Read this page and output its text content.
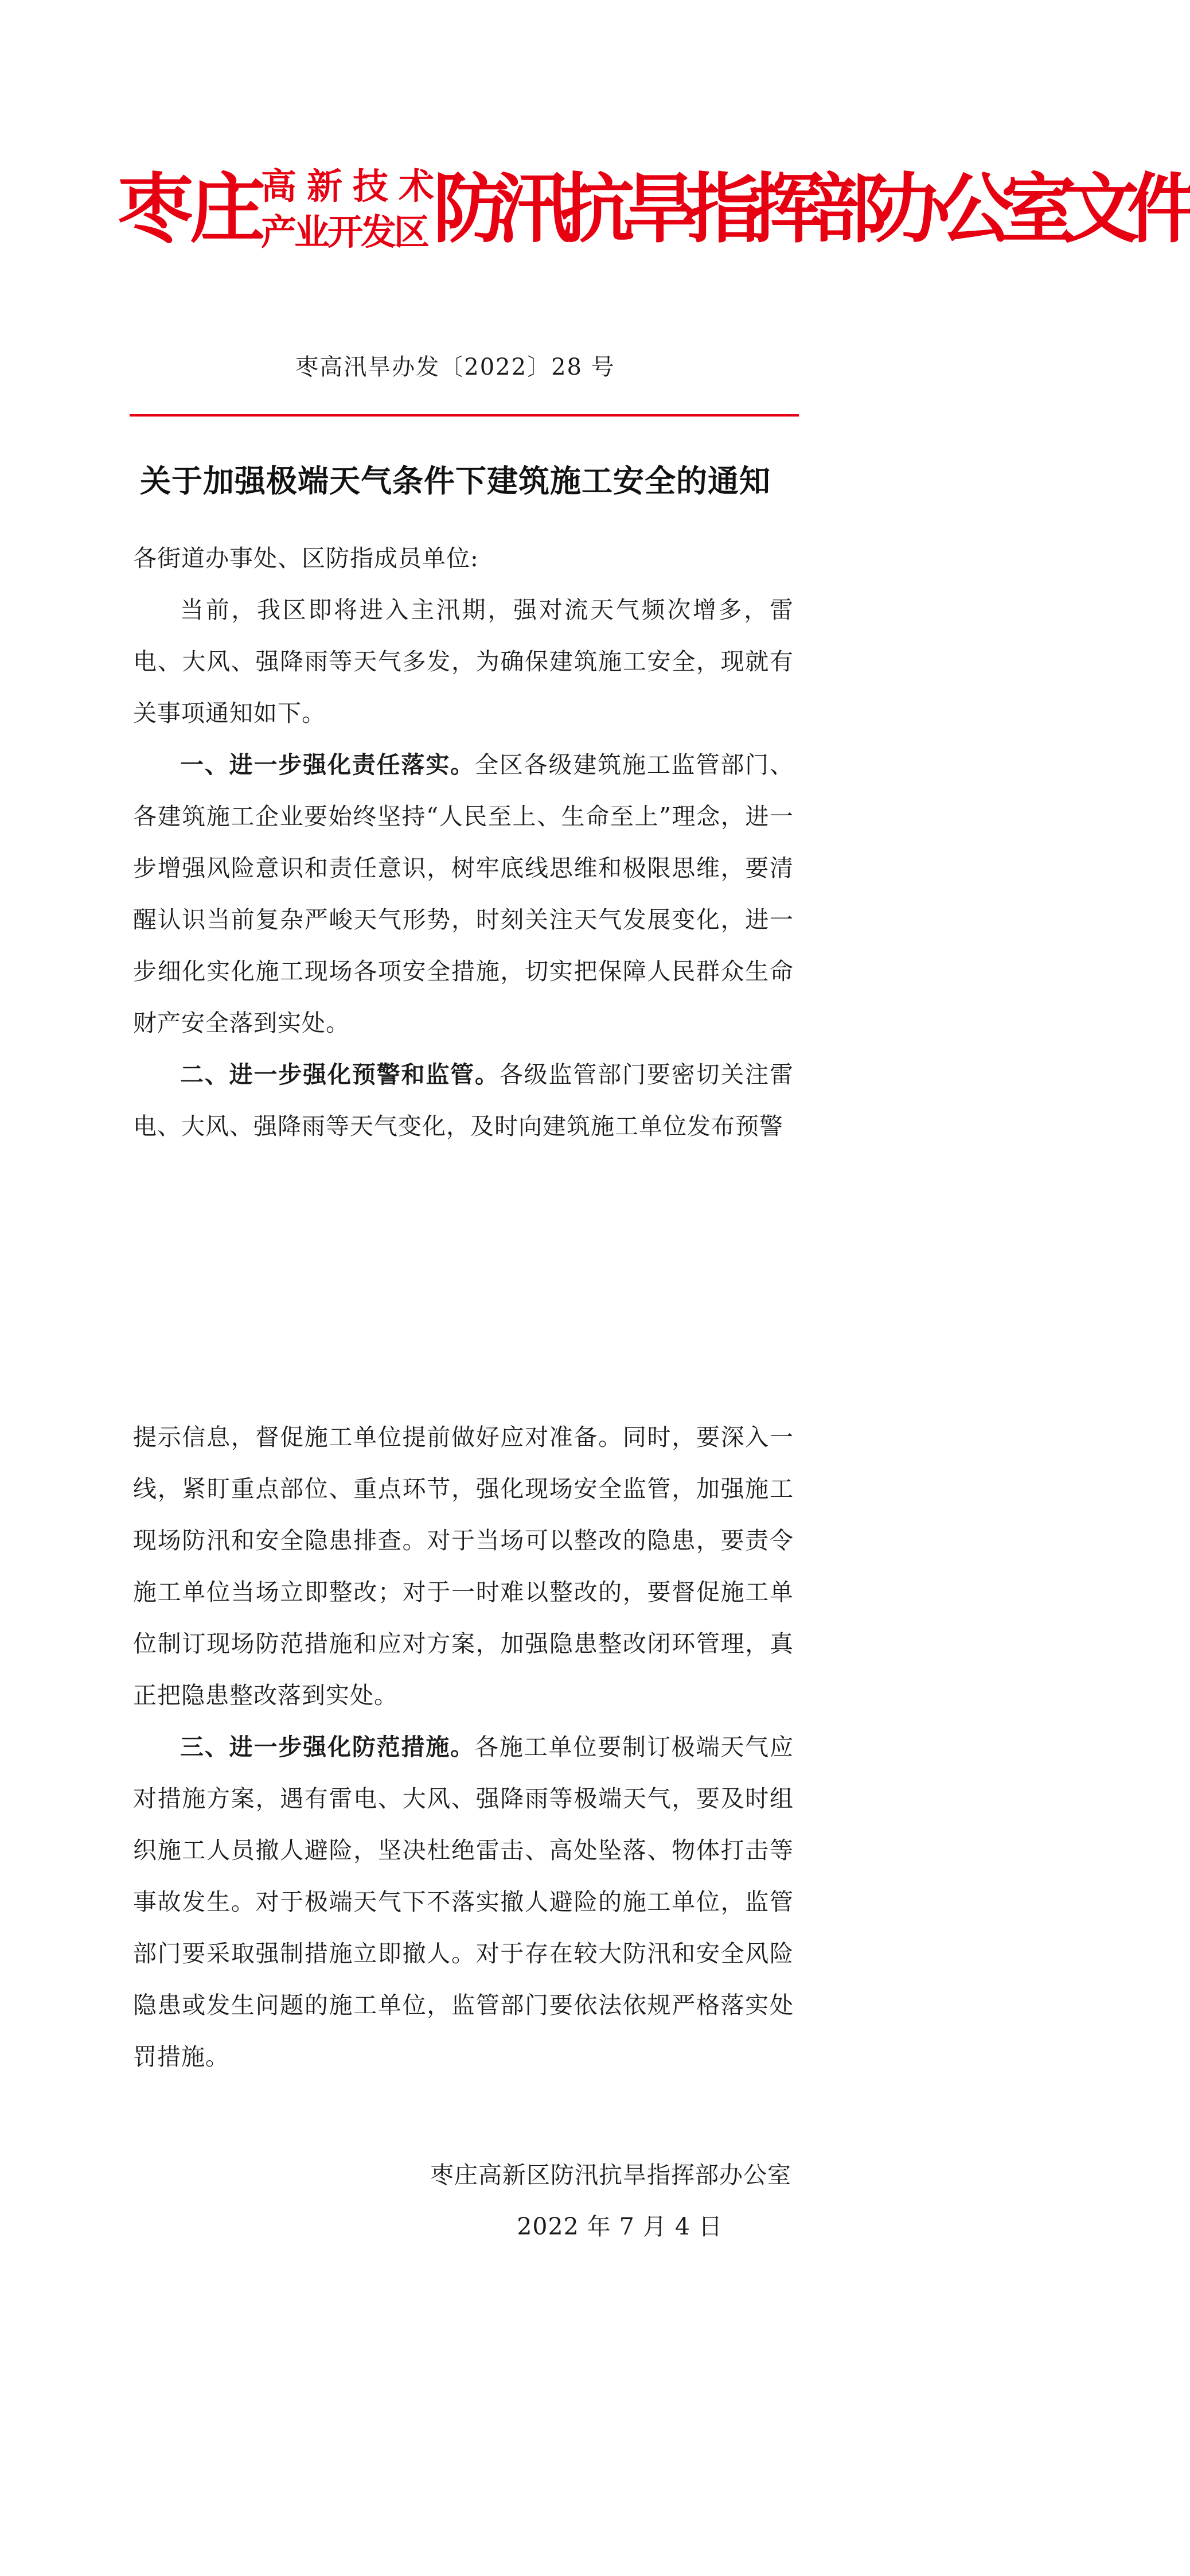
枣庄
高新技术
产业开发区 防汛抗旱指挥部办公室文件
枣高汛旱办发〔2022〕28 号
关于加强极端天气条件下建筑施工安全的通知

各街道办事处、区防指成员单位:

当前，我区即将进入主汛期，强对流天气频次增多，雷电、大风、强降雨等天气多发，为确保建筑施工安全，现就有关事项通知如下。

一、进一步强化责任落实。全区各级建筑施工监管部门、各建筑施工企业要始终坚持“人民至上、生命至上”理念，进一步增强风险意识和责任意识，树牢底线思维和极限思维，要清醒认识当前复杂严峻天气形势，时刻关注天气发展变化，进一步细化实化施工现场各项安全措施，切实把保障人民群众生命财产安全落到实处。

二、进一步强化预警和监管。各级监管部门要密切关注雷电、大风、强降雨等天气变化，及时向建筑施工单位发布预警

提示信息，督促施工单位提前做好应对准备。同时，要深入一线，紧盯重点部位、重点环节，强化现场安全监管，加强施工现场防汛和安全隐患排查。对于当场可以整改的隐患，要责令施工单位当场立即整改；对于一时难以整改的，要督促施工单位制订现场防范措施和应对方案，加强隐患整改闭环管理，真正把隐患整改落到实处。

三、进一步强化防范措施。各施工单位要制订极端天气应对措施方案，遇有雷电、大风、强降雨等极端天气，要及时组织施工人员撤人避险，坚决杜绝雷击、高处坠落、物体打击等事故发生。对于极端天气下不落实撤人避险的施工单位，监管部门要采取强制措施立即撤人。对于存在较大防汛和安全风险隐患或发生问题的施工单位，监管部门要依法依规严格落实处罚措施。

枣庄高新区防汛抗旱指挥部办公室
2022 年 7 月 4 日
